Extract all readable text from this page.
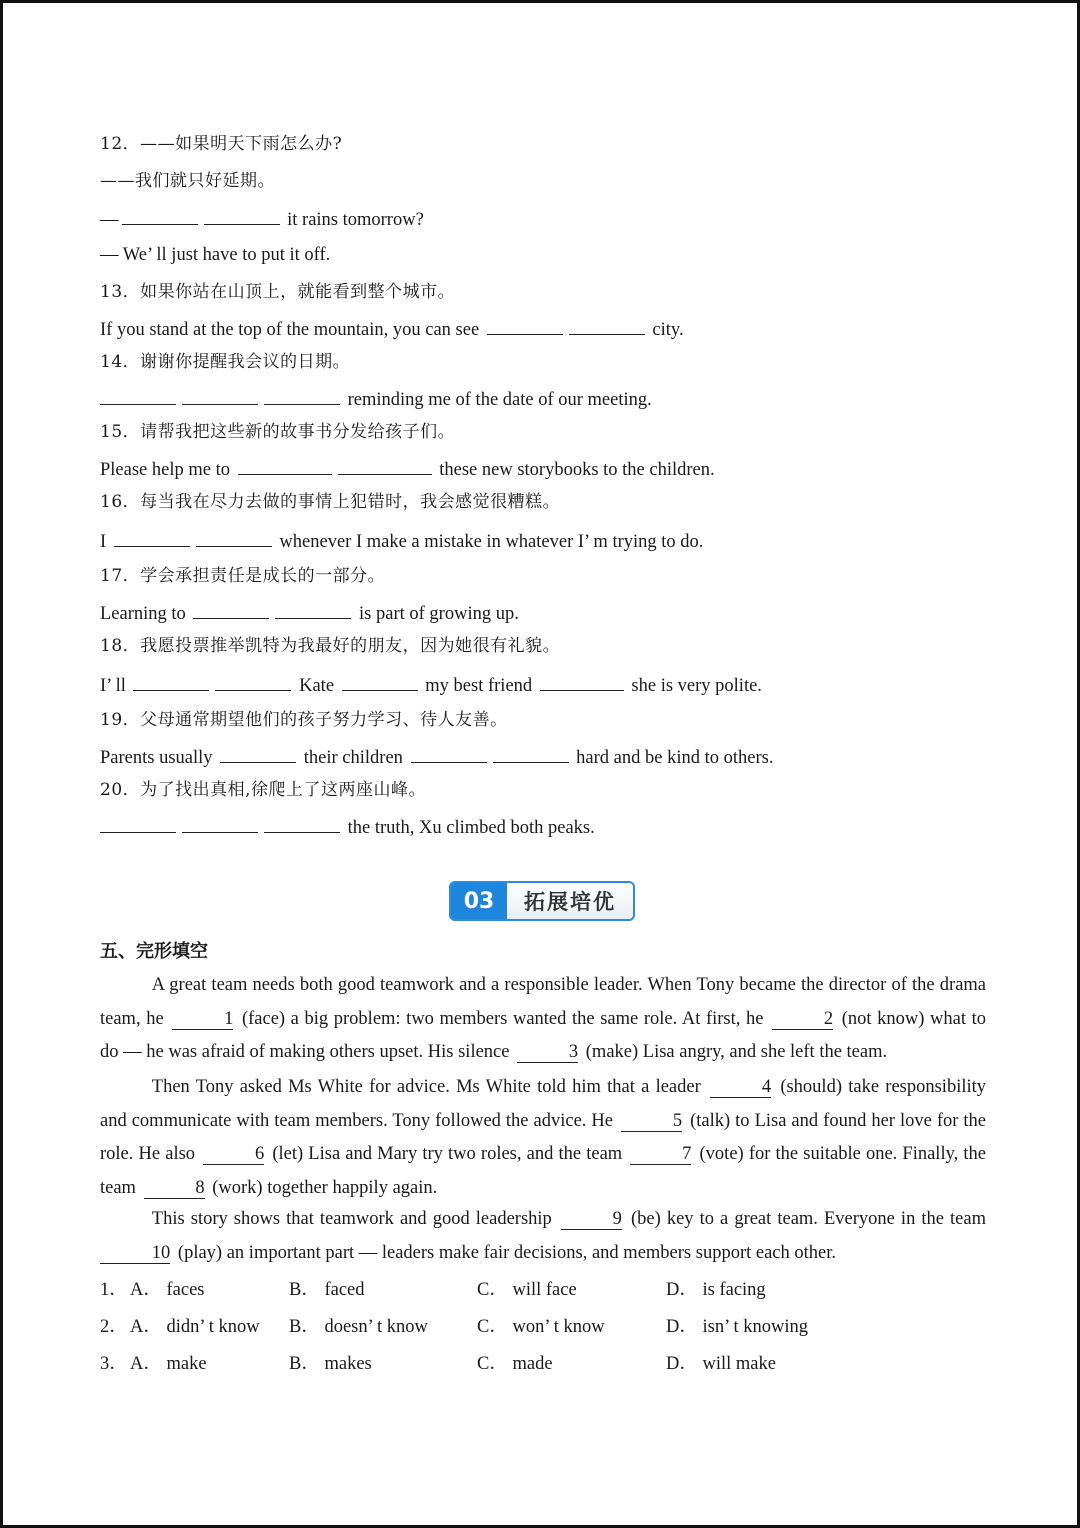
12．——如果明天下雨怎么办?
——我们就只好延期。
—	it rains tomorrow?
— We’ ll just have to put it off.
13．如果你站在山顶上，就能看到整个城市。
If you stand at the top of the mountain, you can see	city.
14．谢谢你提醒我会议的日期。
reminding me of the date of our meeting.
15．请帮我把这些新的故事书分发给孩子们。
Please help me to	these new storybooks to the children.
16．每当我在尽力去做的事情上犯错时，我会感觉很糟糕。
I	whenever I make a mistake in whatever I’ m trying to do.
17．学会承担责任是成长的一部分。
Learning to	is part of growing up.
18．我愿投票推举凯特为我最好的朋友，因为她很有礼貌。
I’ ll	Kate	my best friend	she is very polite.
19．父母通常期望他们的孩子努力学习、待人友善。
Parents usually	their children	hard and be kind to others.
20．为了找出真相,徐爬上了这两座山峰。
the truth, Xu climbed both peaks.
03	拓展培优
五、完形填空
A great team needs both good teamwork and a responsible leader. When Tony became the director of the drama team, he	1 (face) a big problem: two members wanted the same role. At first, he	2 (not know) what to do — he was afraid of making others upset. His silence	3 (make) Lisa angry, and she left the team.
Then Tony asked Ms White for advice. Ms White told him that a leader	4 (should) take responsibility and communicate with team members. Tony followed the advice. He	5 (talk) to Lisa and found her love for the role. He also	6 (let) Lisa and Mary try two roles, and the team	7 (vote) for the suitable one. Finally, the team	8 (work) together happily again.
This story shows that teamwork and good leadership	9 (be) key to a great team. Everyone in the team 10 (play) an important part — leaders make fair decisions, and members support each other.
1． A． faces	B． faced	C． will face	D． is facing
2． A． didn’ t know B． doesn’ t know	C． won’ t know	D． isn’ t knowing
3． A． make	B． makes	C． made	D． will make
